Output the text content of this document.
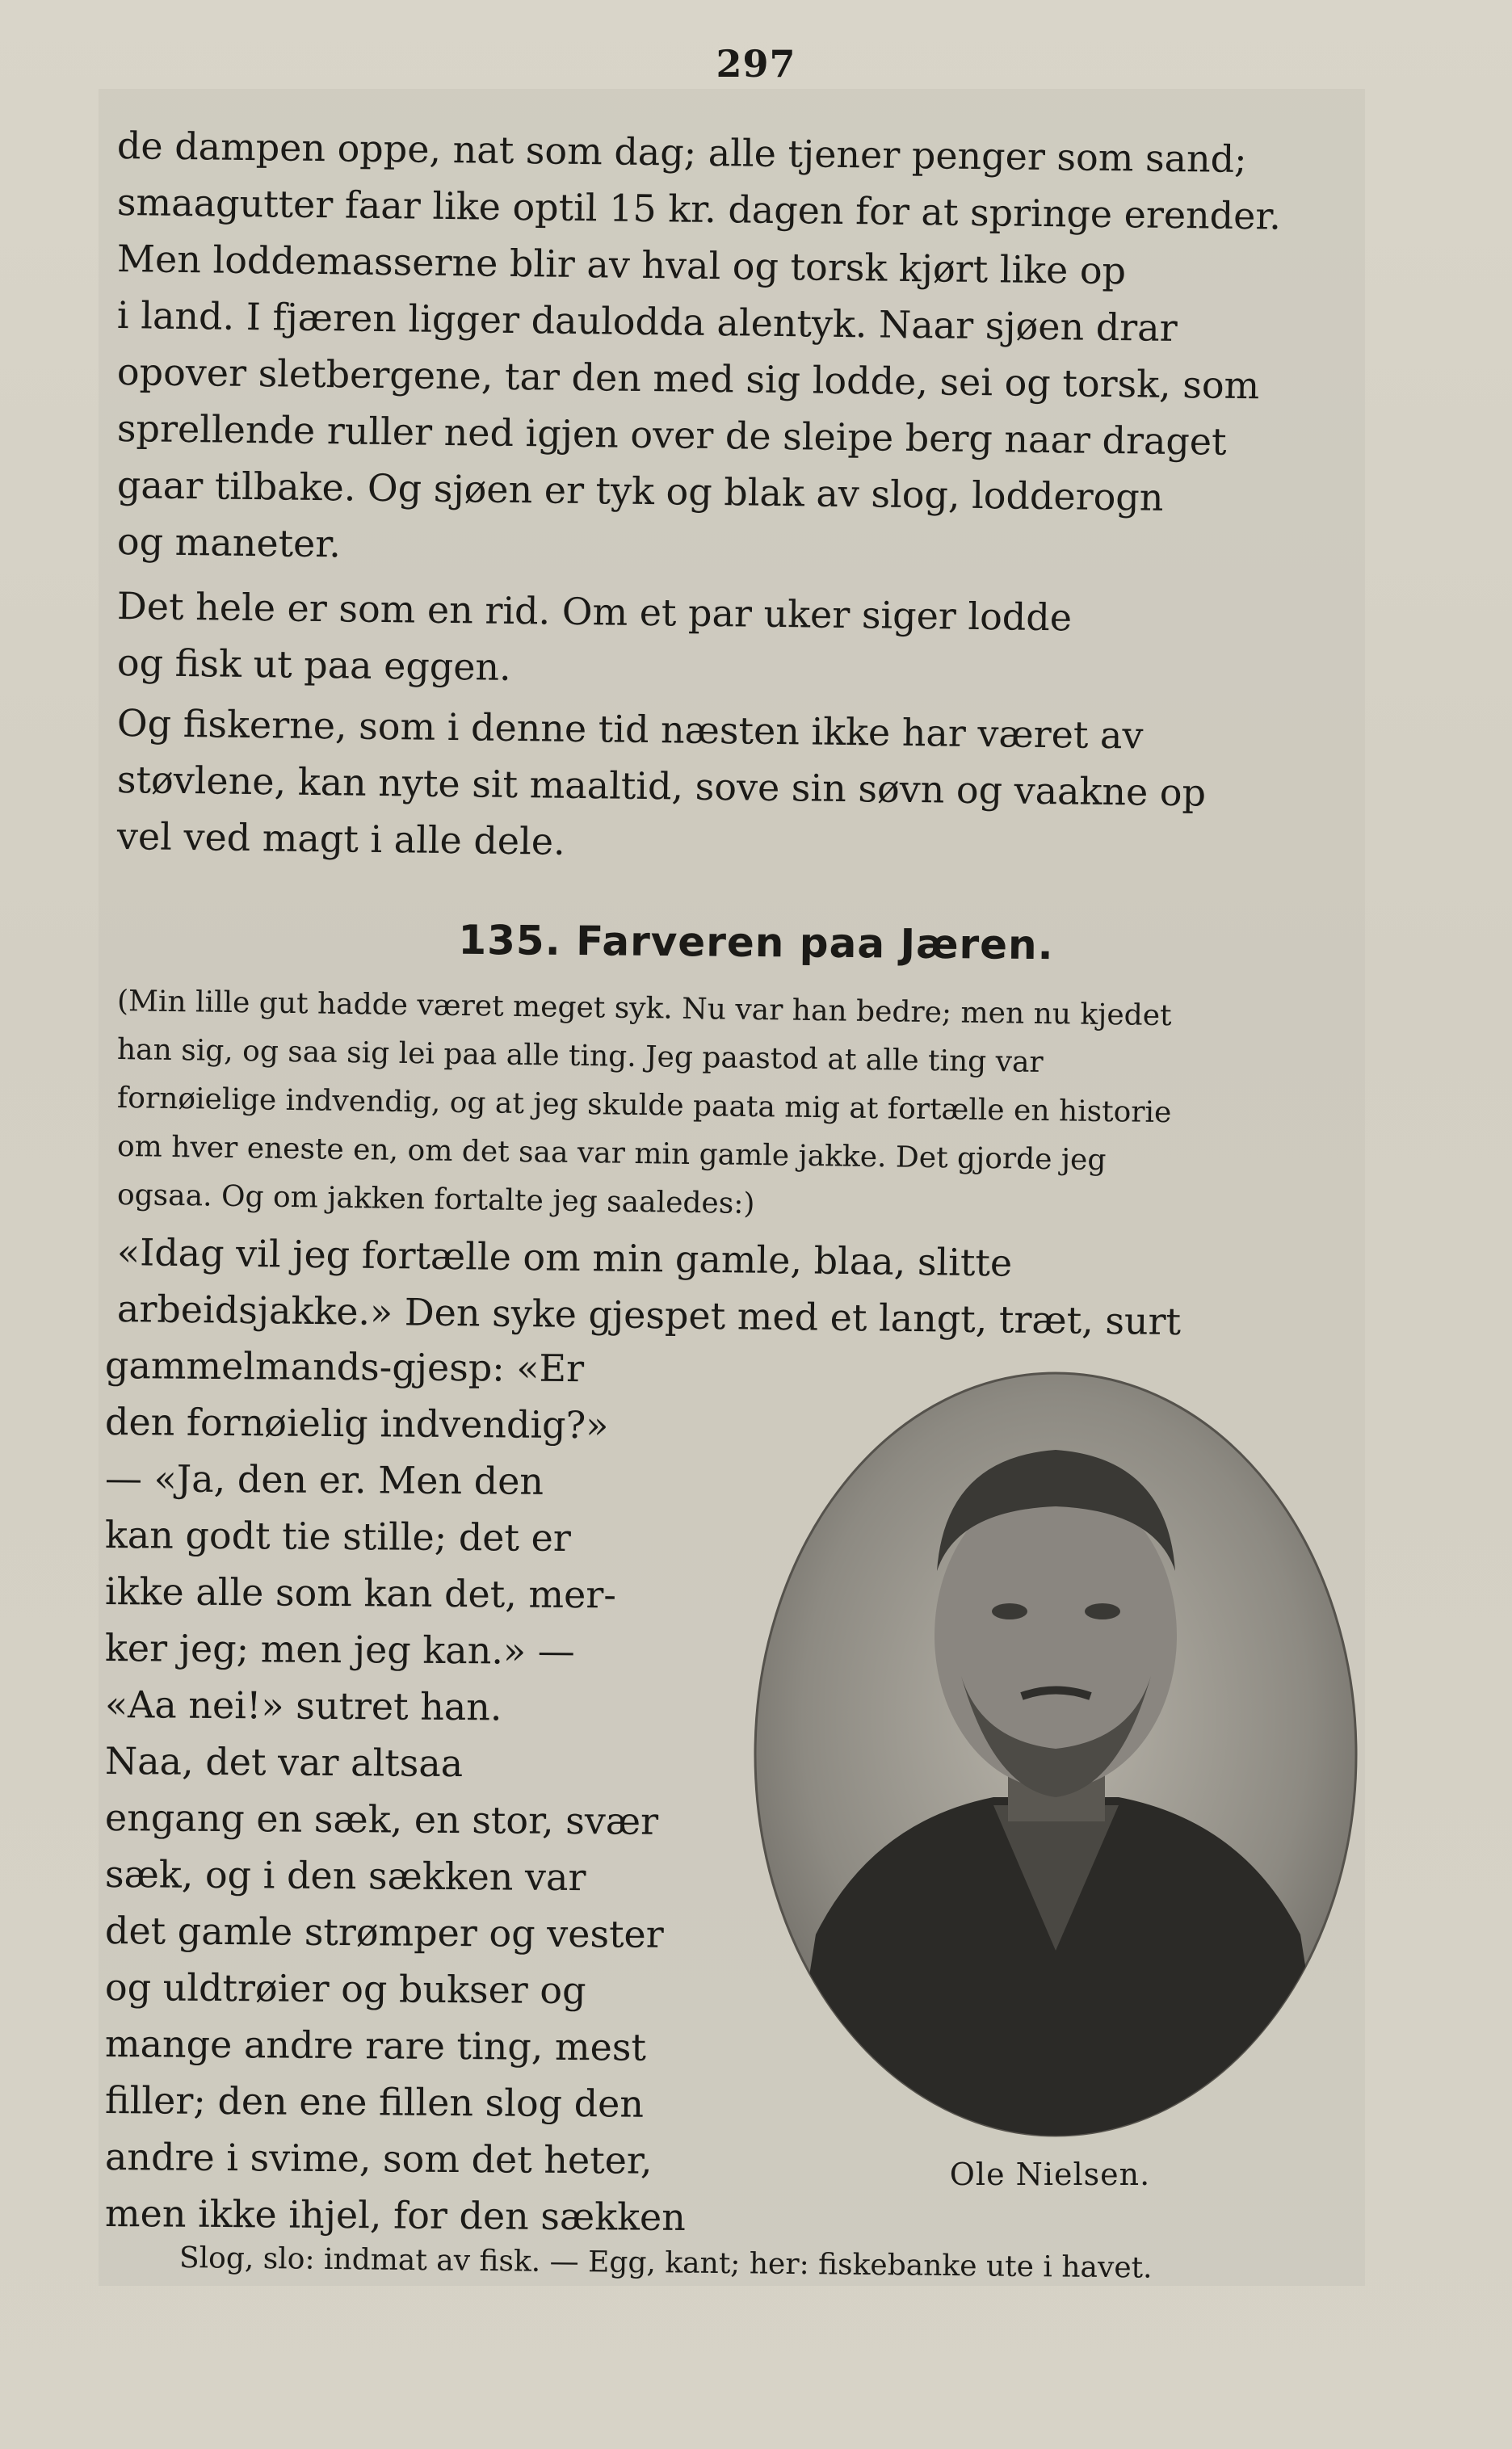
297
de dampen oppe, nat som dag; alle tjener penger som sand;
smaagutter faar like optil 15 kr. dagen for at springe erender.
Men loddemasserne blir av hval og torsk kjørt like op
i land. I fjæren ligger daulodda alentyk. Naar sjøen drar
opover sletbergene, tar den med sig lodde, sei og torsk, som
sprellende ruller ned igjen over de sleipe berg naar draget
gaar tilbake. Og sjøen er tyk og blak av slog, lodderogn
og maneter.
Det hele er som en rid. Om et par uker siger lodde
og fisk ut paa eggen.
Og fiskerne, som i denne tid næsten ikke har været av
støvlene, kan nyte sit maaltid, sove sin søvn og vaakne op
vel ved magt i alle dele.
135. Farveren paa Jæren.
(Min lille gut hadde været meget syk. Nu var han bedre; men nu kjedet
han sig, og saa sig lei paa alle ting. Jeg paastod at alle ting var
fornøielige indvendig, og at jeg skulde paata mig at fortælle en historie
om hver eneste en, om det saa var min gamle jakke. Det gjorde jeg
ogsaa. Og om jakken fortalte jeg saaledes:)
«Idag vil jeg fortælle om min gamle, blaa, slitte
arbeidsjakke.» Den syke gjespet med et langt, træt, surt
gammelmands-gjesp: «Er
den fornøielig indvendig?»
— «Ja, den er. Men den
kan godt tie stille; det er
ikke alle som kan det, mer-
ker jeg; men jeg kan.» —
«Aa nei!» sutret han.
Naa, det var altsaa
engang en sæk, en stor, svær
sæk, og i den sækken var
det gamle strømper og vester
og uldtrøier og bukser og
mange andre rare ting, mest
filler; den ene fillen slog den
andre i svime, som det heter,
men ikke ihjel, for den sækken
Ole Nielsen.
Slog, slo: indmat av fisk. — Egg, kant; her: fiskebanke ute i havet.
